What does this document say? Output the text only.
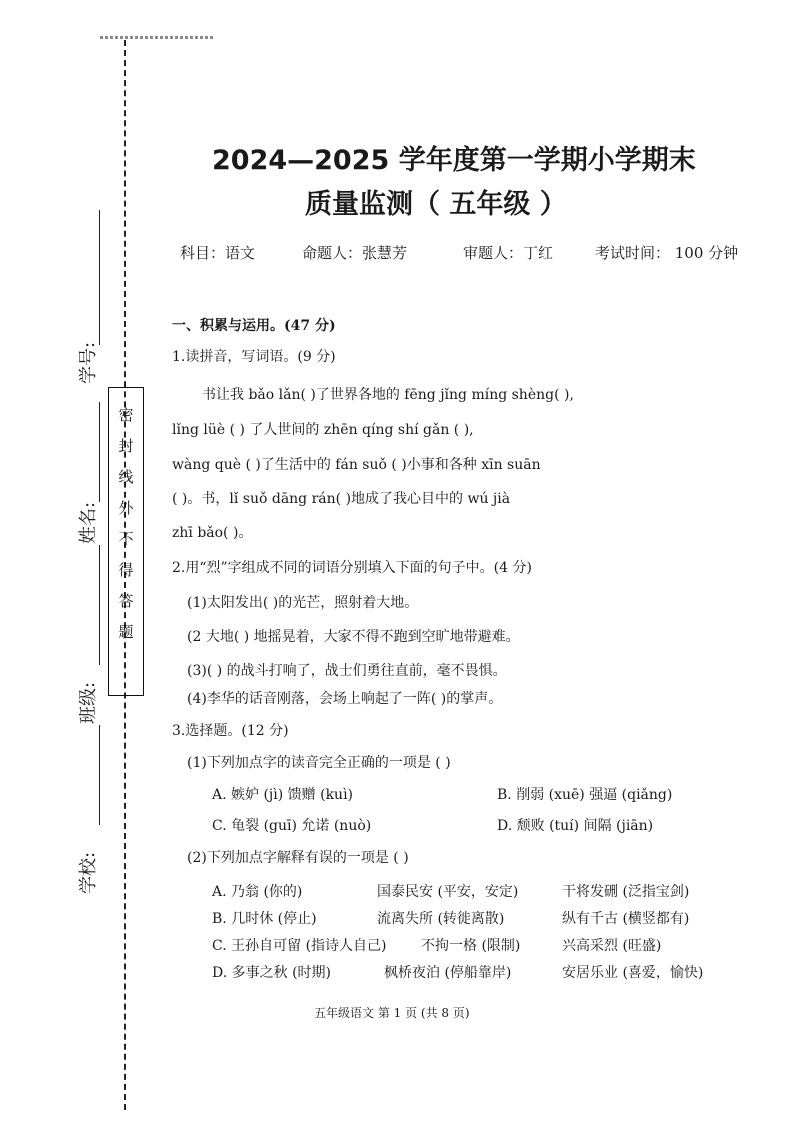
学号:
姓名:
班级:
学校:
密
封
线
外
不
得
答
题
2024—2025 学年度第一学期小学期末
质量监测（ 五年级 ）
科目：语文	命题人：张慧芳	审题人：丁红	考试时间： 100 分钟
一、积累与运用。(47 分)
1.读拼音，写词语。(9 分)
书让我 bǎo lǎn( )了世界各地的 fēng jǐng míng shèng( ),
lǐng lüè ( ) 了人世间的 zhēn qíng shí gǎn ( ),
wàng què ( )了生活中的 fán suǒ ( )小事和各种 xīn suān
( )。书，lǐ suǒ dāng rán( )地成了我心目中的 wú jià
zhī bǎo( )。
2.用“烈”字组成不同的词语分别填入下面的句子中。(4 分)
(1)太阳发出( )的光芒，照射着大地。
(2 大地( ) 地摇晃着，大家不得不跑到空旷地带避难。
(3)( ) 的战斗打响了，战士们勇往直前，毫不畏惧。
(4)李华的话音刚落，会场上响起了一阵( )的掌声。
3.选择题。(12 分)
(1)下列加点字的读音完全正确的一项是 ( )
A. 嫉妒 (jì) 馈赠 (kuì)	B. 削弱 (xuē) 强逼 (qiǎng)
C. 龟裂 (guī) 允诺 (nuò)	D. 颓败 (tuí) 间隔 (jiān)
(2)下列加点字解释有误的一项是 ( )
A. 乃翁 (你的)	国泰民安 (平安，安定)	干将发硎 (泛指宝剑)
B. 几时休 (停止)	流离失所 (转徙离散)	纵有千古 (横竖都有)
C. 王孙自可留 (指诗人自己) 不拘一格 (限制)	兴高采烈 (旺盛)
D. 多事之秋 (时期)	枫桥夜泊 (停船靠岸)	安居乐业 (喜爱，愉快)
五年级语文 第 1 页 (共 8 页)
